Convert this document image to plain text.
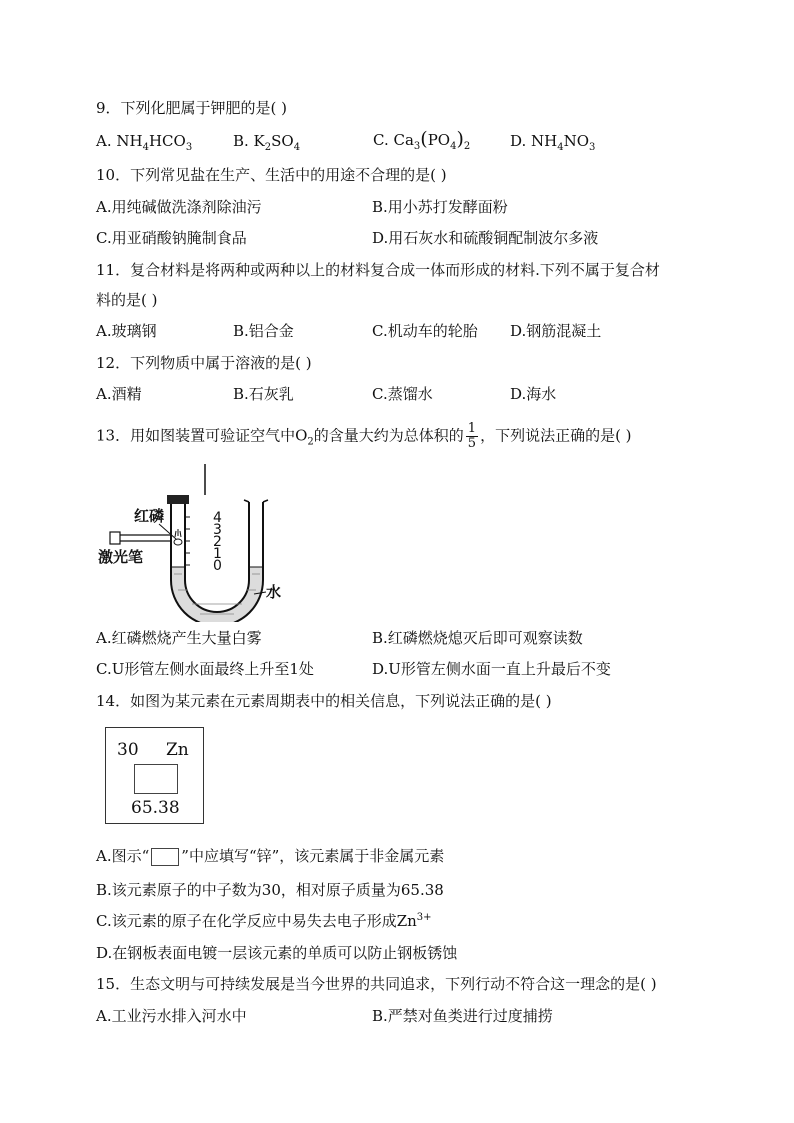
9．下列化肥属于钾肥的是( )
A. $NH_4HCO_3$	B. $K_2SO_4$	C. $Ca_3(PO_4)_2$	D. $NH_4NO_3$
10．下列常见盐在生产、生活中的用途不合理的是( )
A.用纯碱做洗涤剂除油污	B.用小苏打发酵面粉
C.用亚硝酸钠腌制食品	D.用石灰水和硫酸铜配制波尔多液
11．复合材料是将两种或两种以上的材料复合成一体而形成的材料.下列不属于复合材
料的是( )
A.玻璃钢	B.铝合金	C.机动车的轮胎 D.钢筋混凝土
12．下列物质中属于溶液的是( )
A.酒精	B.石灰乳	C.蒸馏水	D.海水
13．用如图装置可验证空气中$O_2$的含量大约为总体积的 $\frac{1}{5}$ ，下列说法正确的是( )
红磷
激光笔
水
4
3
2
1
0
A.红磷燃烧产生大量白雾	B.红磷燃烧熄灭后即可观察读数
C.U形管左侧水面最终上升至1处	D.U形管左侧水面一直上升最后不变
14．如图为某元素在元素周期表中的相关信息，下列说法正确的是( )
30 Zn
65.38
A.图示“ ”中应填写“锌”，该元素属于非金属元素
B.该元素原子的中子数为30，相对原子质量为65.38
C.该元素的原子在化学反应中易失去电子形成$Zn^{3+}$
D.在钢板表面电镀一层该元素的单质可以防止钢板锈蚀
15．生态文明与可持续发展是当今世界的共同追求，下列行动不符合这一理念的是( )
A.工业污水排入河水中	B.严禁对鱼类进行过度捕捞
